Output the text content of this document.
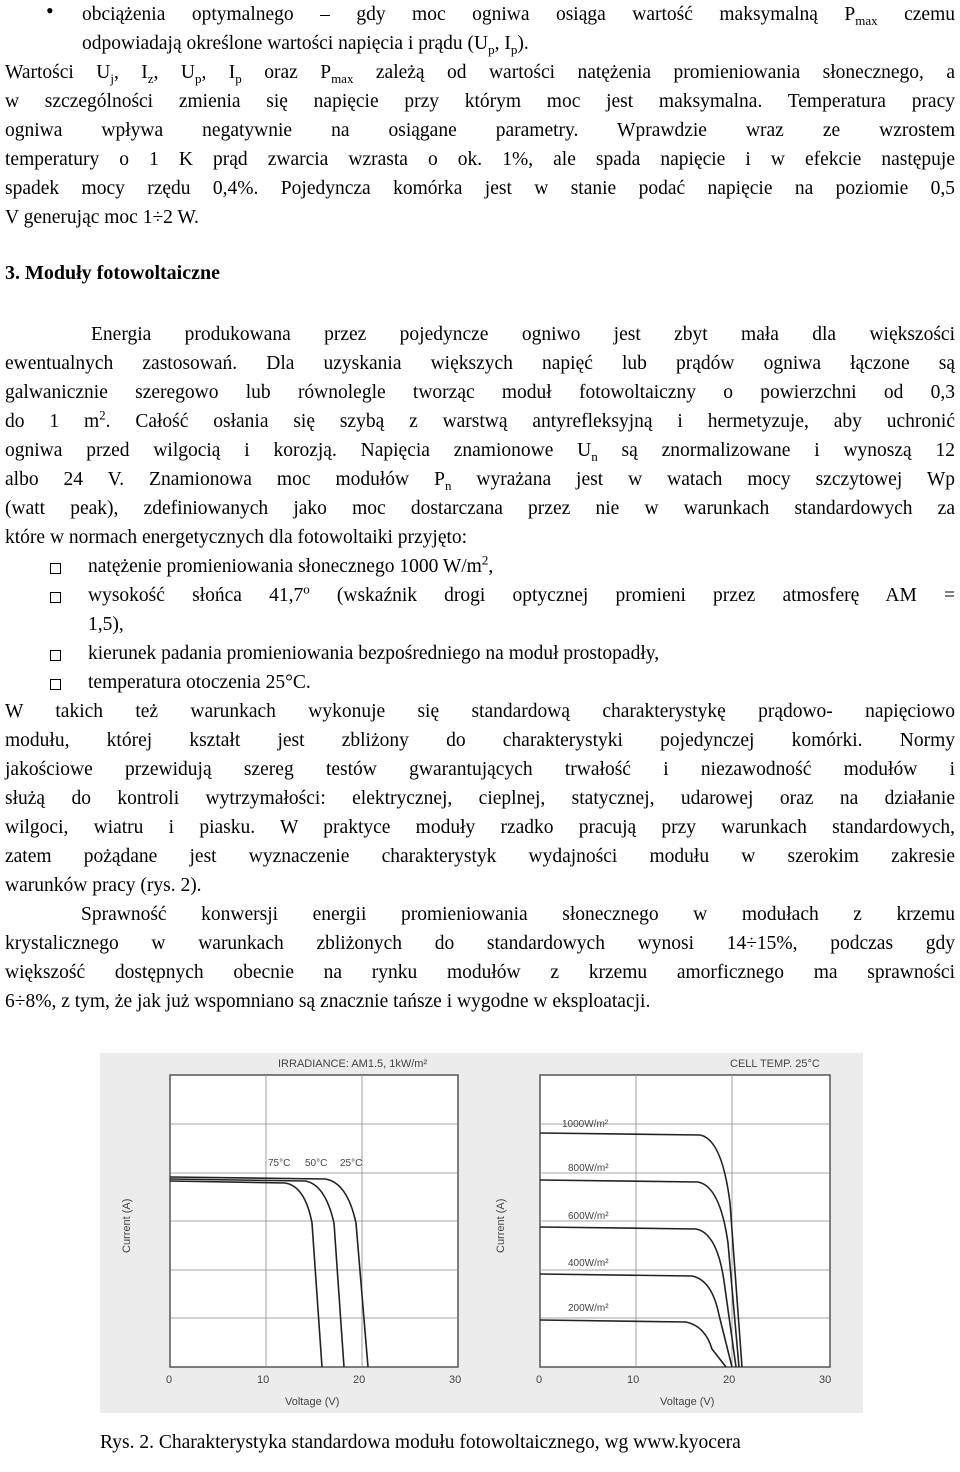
• obciążenia optymalnego – gdy moc ogniwa osiąga wartość maksymalną $P_{max}$ czemu
odpowiadają określone wartości napięcia i prądu ($U_p$, $I_p$).

Wartości $U_j$, $I_z$, $U_p$, $I_p$ oraz $P_{max}$ zależą od wartości natężenia promieniowania słonecznego, a
w szczególności zmienia się napięcie przy którym moc jest maksymalna. Temperatura pracy
ogniwa wpływa negatywnie na osiągane parametry. Wprawdzie wraz ze wzrostem
temperatury o 1 K prąd zwarcia wzrasta o ok. 1%, ale spada napięcie i w efekcie następuje
spadek mocy rzędu 0,4%. Pojedyncza komórka jest w stanie podać napięcie na poziomie 0,5
V generując moc 1÷2 W.

3. Moduły fotowoltaiczne

Energia produkowana przez pojedyncze ogniwo jest zbyt mała dla większości
ewentualnych zastosowań. Dla uzyskania większych napięć lub prądów ogniwa łączone są
galwanicznie szeregowo lub równolegle tworząc moduł fotowoltaiczny o powierzchni od 0,3
do 1 $m^2$. Całość osłania się szybą z warstwą antyrefleksyjną i hermetyzuje, aby uchronić
ogniwa przed wilgocią i korozją. Napięcia znamionowe $U_n$ są znormalizowane i wynoszą 12
albo 24 V. Znamionowa moc modułów $P_n$ wyrażana jest w watach mocy szczytowej Wp
(watt peak), zdefiniowanych jako moc dostarczana przez nie w warunkach standardowych za
które w normach energetycznych dla fotowoltaiki przyjęto:

natężenie promieniowania słonecznego 1000 $W/m^2$,

wysokość słońca 41,7$^o$ (wskaźnik drogi optycznej promieni przez atmosferę AM =
1,5),

kierunek padania promieniowania bezpośredniego na moduł prostopadły,

temperatura otoczenia 25°C.

W takich też warunkach wykonuje się standardową charakterystykę prądowo- napięciowo
modułu, której kształt jest zbliżony do charakterystyki pojedynczej komórki. Normy
jakościowe przewidują szereg testów gwarantujących trwałość i niezawodność modułów i
służą do kontroli wytrzymałości: elektrycznej, cieplnej, statycznej, udarowej oraz na działanie
wilgoci, wiatru i piasku. W praktyce moduły rzadko pracują przy warunkach standardowych,
zatem pożądane jest wyznaczenie charakterystyk wydajności modułu w szerokim zakresie
warunków pracy (rys. 2).

Sprawność konwersji energii promieniowania słonecznego w modułach z krzemu
krystalicznego w warunkach zbliżonych do standardowych wynosi 14÷15%, podczas gdy
większość dostępnych obecnie na rynku modułów z krzemu amorficznego ma sprawności
6÷8%, z tym, że jak już wspomniano są znacznie tańsze i wygodne w eksploatacji.

IRRADIANCE: AM1.5, 1kW/m²
Current (A)
Voltage (V)
0	10	20	30
75°C 50°C 25°C
CELL TEMP. 25°C
Current (A)
Voltage (V)
0	10	20	30
1000W/m²
800W/m²
600W/m²
400W/m²
200W/m²
Rys. 2. Charakterystyka standardowa modułu fotowoltaicznego, wg www.kyocera
